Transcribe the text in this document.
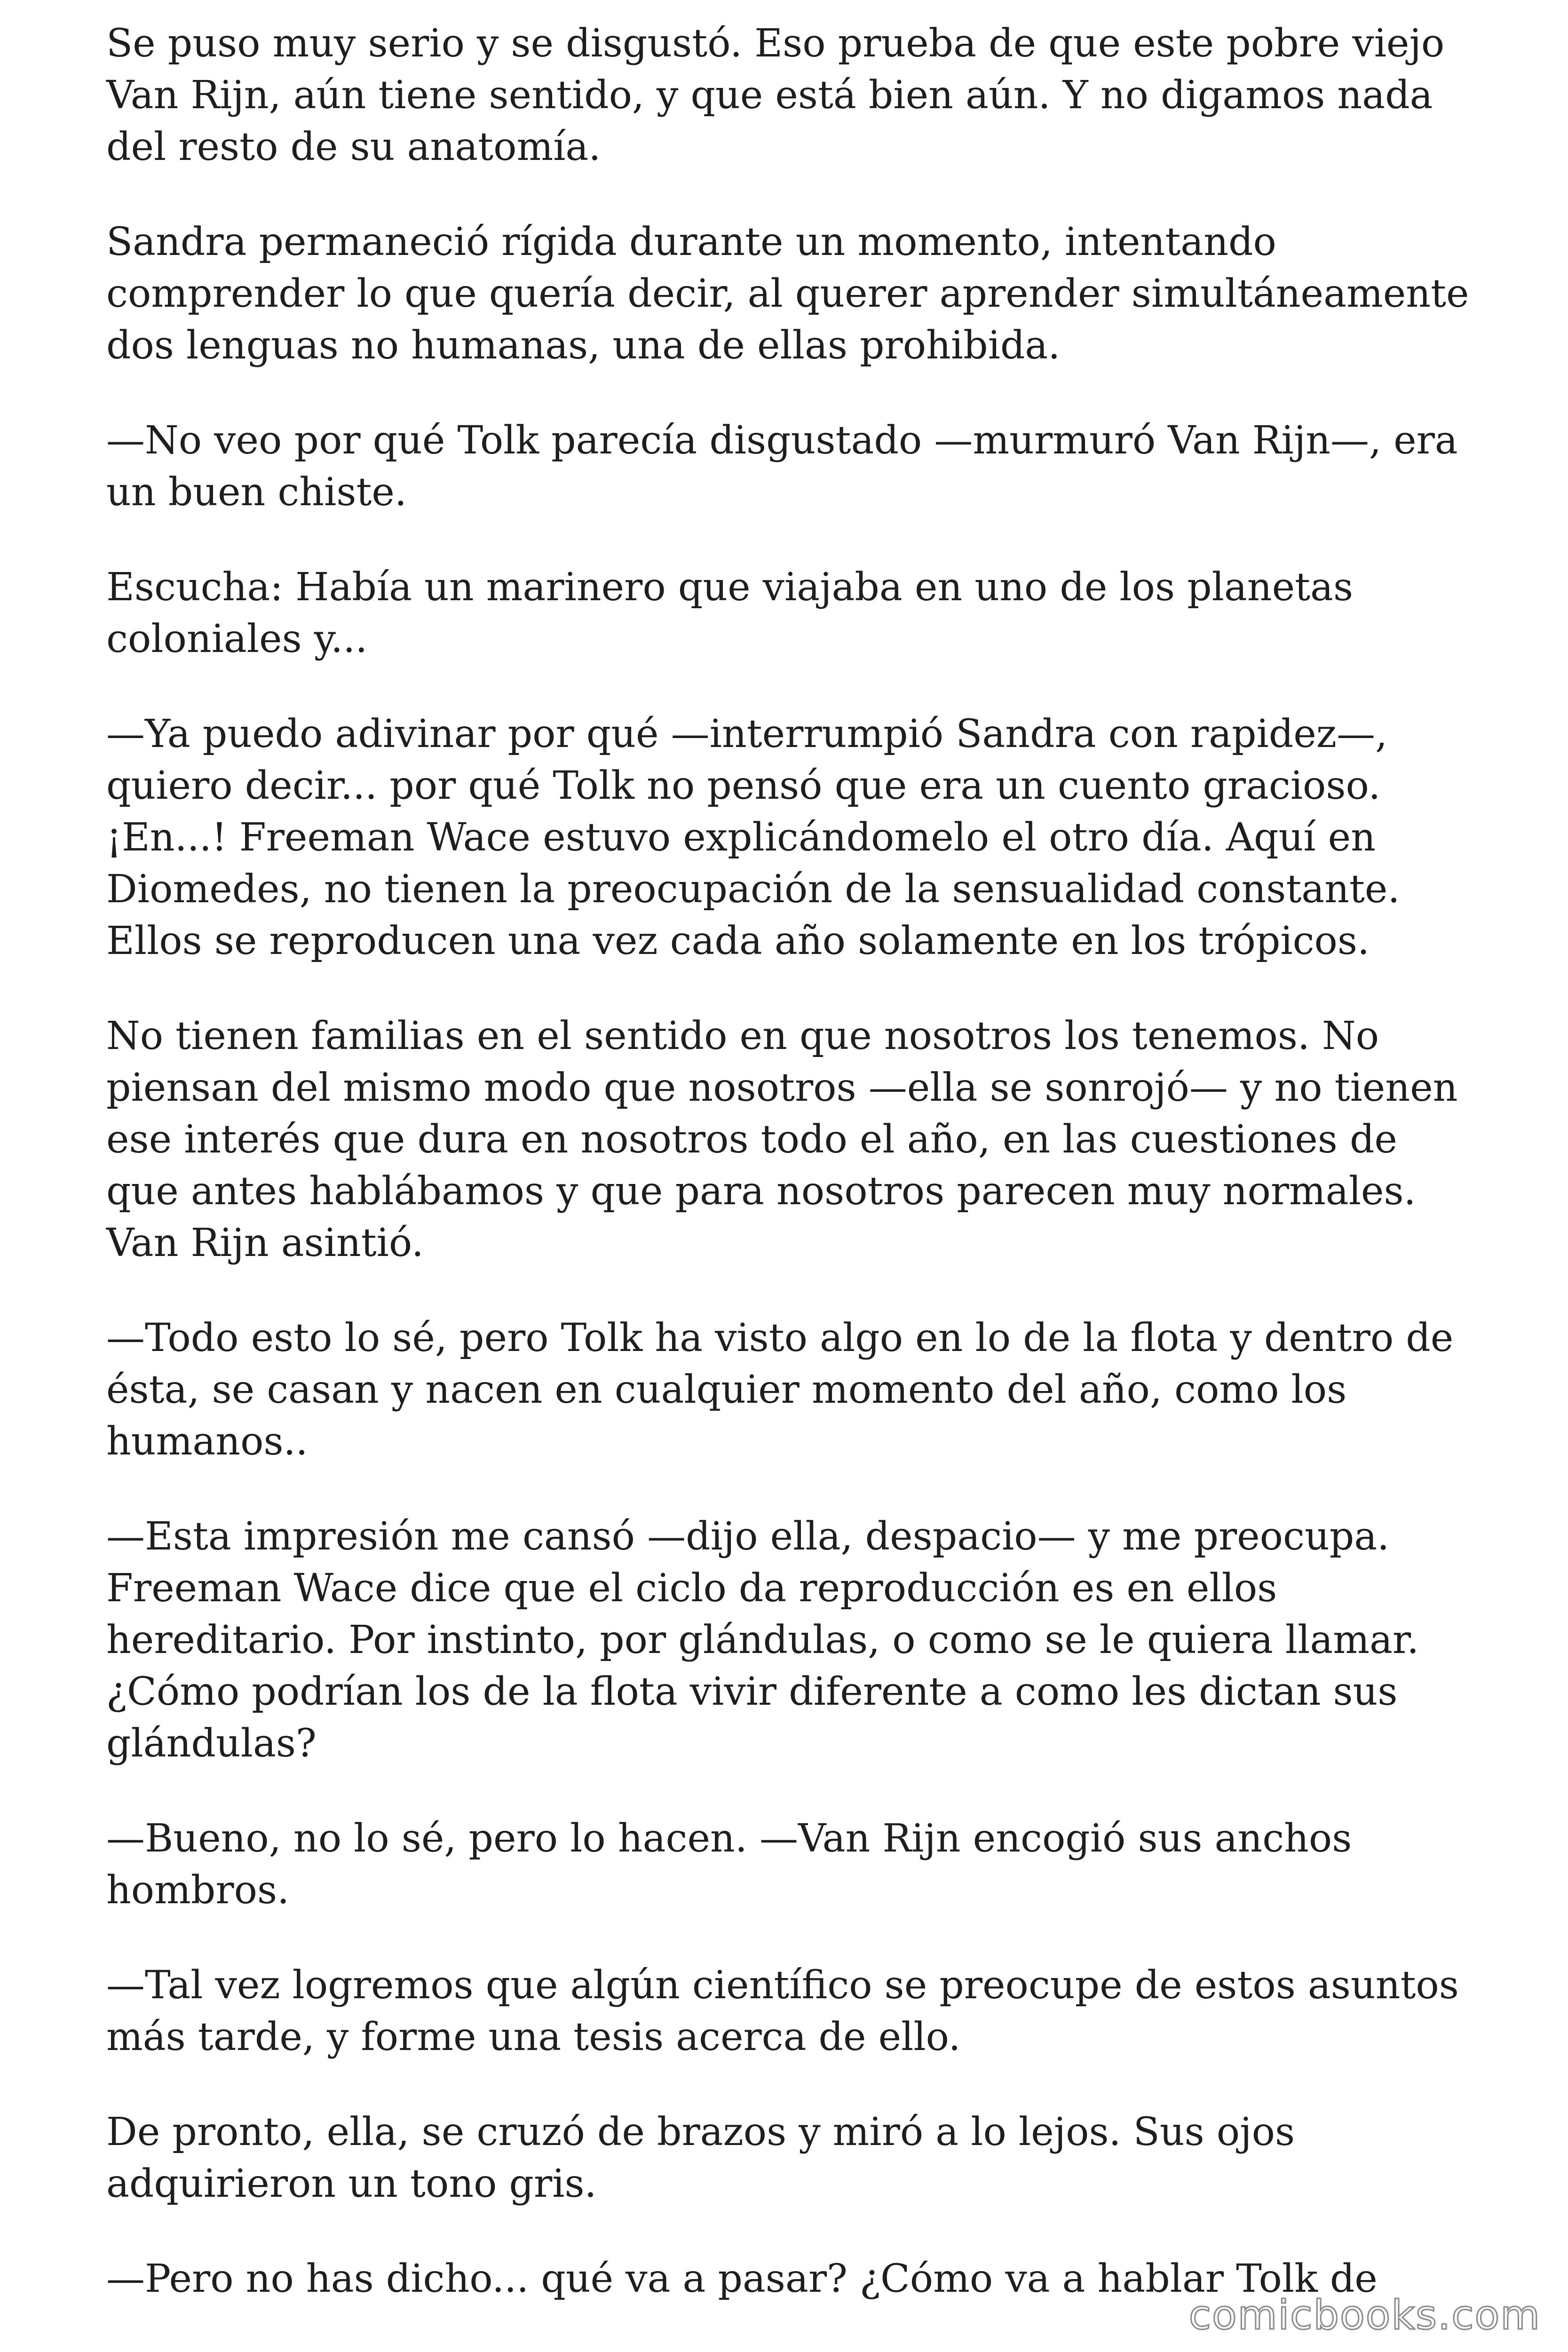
Se puso muy serio y se disgustó. Eso prueba de que este pobre viejo Van Rijn, aún tiene sentido, y que está bien aún. Y no digamos nada del resto de su anatomía.

Sandra permaneció rígida durante un momento, intentando comprender lo que quería decir, al querer aprender simultáneamente dos lenguas no humanas, una de ellas prohibida.

—No veo por qué Tolk parecía disgustado —murmuró Van Rijn—, era un buen chiste.

Escucha: Había un marinero que viajaba en uno de los planetas coloniales y...

—Ya puedo adivinar por qué —interrumpió Sandra con rapidez—, quiero decir... por qué Tolk no pensó que era un cuento gracioso. ¡En...! Freeman Wace estuvo explicándomelo el otro día. Aquí en Diomedes, no tienen la preocupación de la sensualidad constante. Ellos se reproducen una vez cada año solamente en los trópicos.

No tienen familias en el sentido en que nosotros los tenemos. No piensan del mismo modo que nosotros —ella se sonrojó— y no tienen ese interés que dura en nosotros todo el año, en las cuestiones de que antes hablábamos y que para nosotros parecen muy normales. Van Rijn asintió.

—Todo esto lo sé, pero Tolk ha visto algo en lo de la flota y dentro de ésta, se casan y nacen en cualquier momento del año, como los humanos..

—Esta impresión me cansó —dijo ella, despacio— y me preocupa. Freeman Wace dice que el ciclo da reproducción es en ellos hereditario. Por instinto, por glándulas, o como se le quiera llamar. ¿Cómo podrían los de la flota vivir diferente a como les dictan sus glándulas?

—Bueno, no lo sé, pero lo hacen. —Van Rijn encogió sus anchos hombros.

—Tal vez logremos que algún científico se preocupe de estos asuntos más tarde, y forme una tesis acerca de ello.

De pronto, ella, se cruzó de brazos y miró a lo lejos. Sus ojos adquirieron un tono gris.

—Pero no has dicho... qué va a pasar? ¿Cómo va a hablar Tolk de

comicbooks.com
